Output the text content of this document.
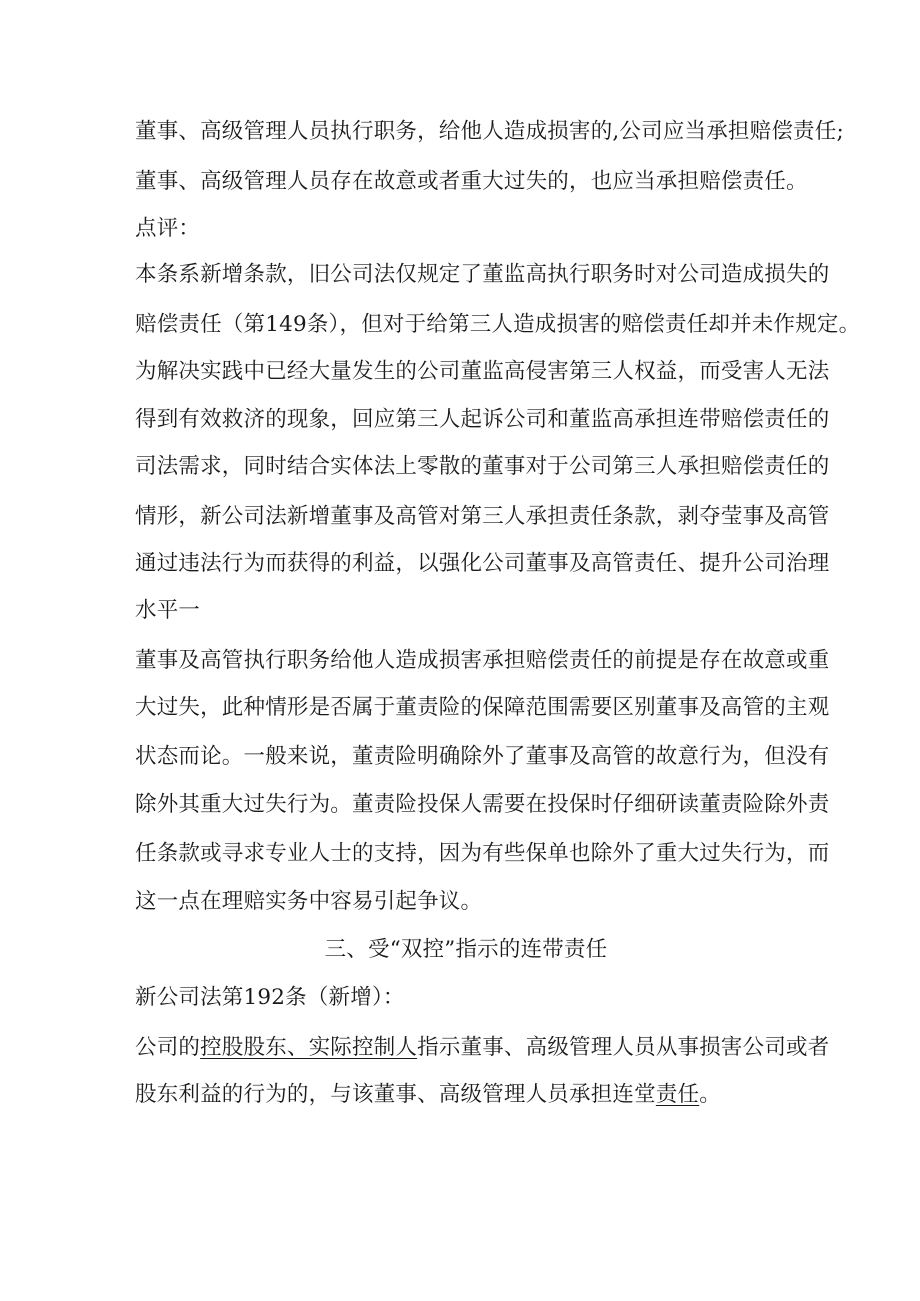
董事、高级管理人员执行职务，给他人造成损害的,公司应当承担赔偿责任;
董事、高级管理人员存在故意或者重大过失的，也应当承担赔偿责任。
点评：
本条系新增条款，旧公司法仅规定了董监高执行职务时对公司造成损失的
赔偿责任（第149条），但对于给第三人造成损害的赔偿责任却并未作规定。
为解决实践中已经大量发生的公司董监高侵害第三人权益，而受害人无法
得到有效救济的现象，回应第三人起诉公司和董监高承担连带赔偿责任的
司法需求，同时结合实体法上零散的董事对于公司第三人承担赔偿责任的
情形，新公司法新增董事及高管对第三人承担责任条款，剥夺莹事及高管
通过违法行为而获得的利益，以强化公司董事及高管责任、提升公司治理
水平一
董事及高管执行职务给他人造成损害承担赔偿责任的前提是存在故意或重
大过失，此种情形是否属于董责险的保障范围需要区别董事及高管的主观
状态而论。一般来说，董责险明确除外了董事及高管的故意行为，但没有
除外其重大过失行为。董责险投保人需要在投保时仔细研读董责险除外责
任条款或寻求专业人士的支持，因为有些保单也除外了重大过失行为，而
这一点在理赔实务中容易引起争议。
三、受“双控”指示的连带责任
新公司法第192条（新增）：
公司的控股股东、实际控制人指示董事、高级管理人员从事损害公司或者
股东利益的行为的，与该董事、高级管理人员承担连堂责任。
